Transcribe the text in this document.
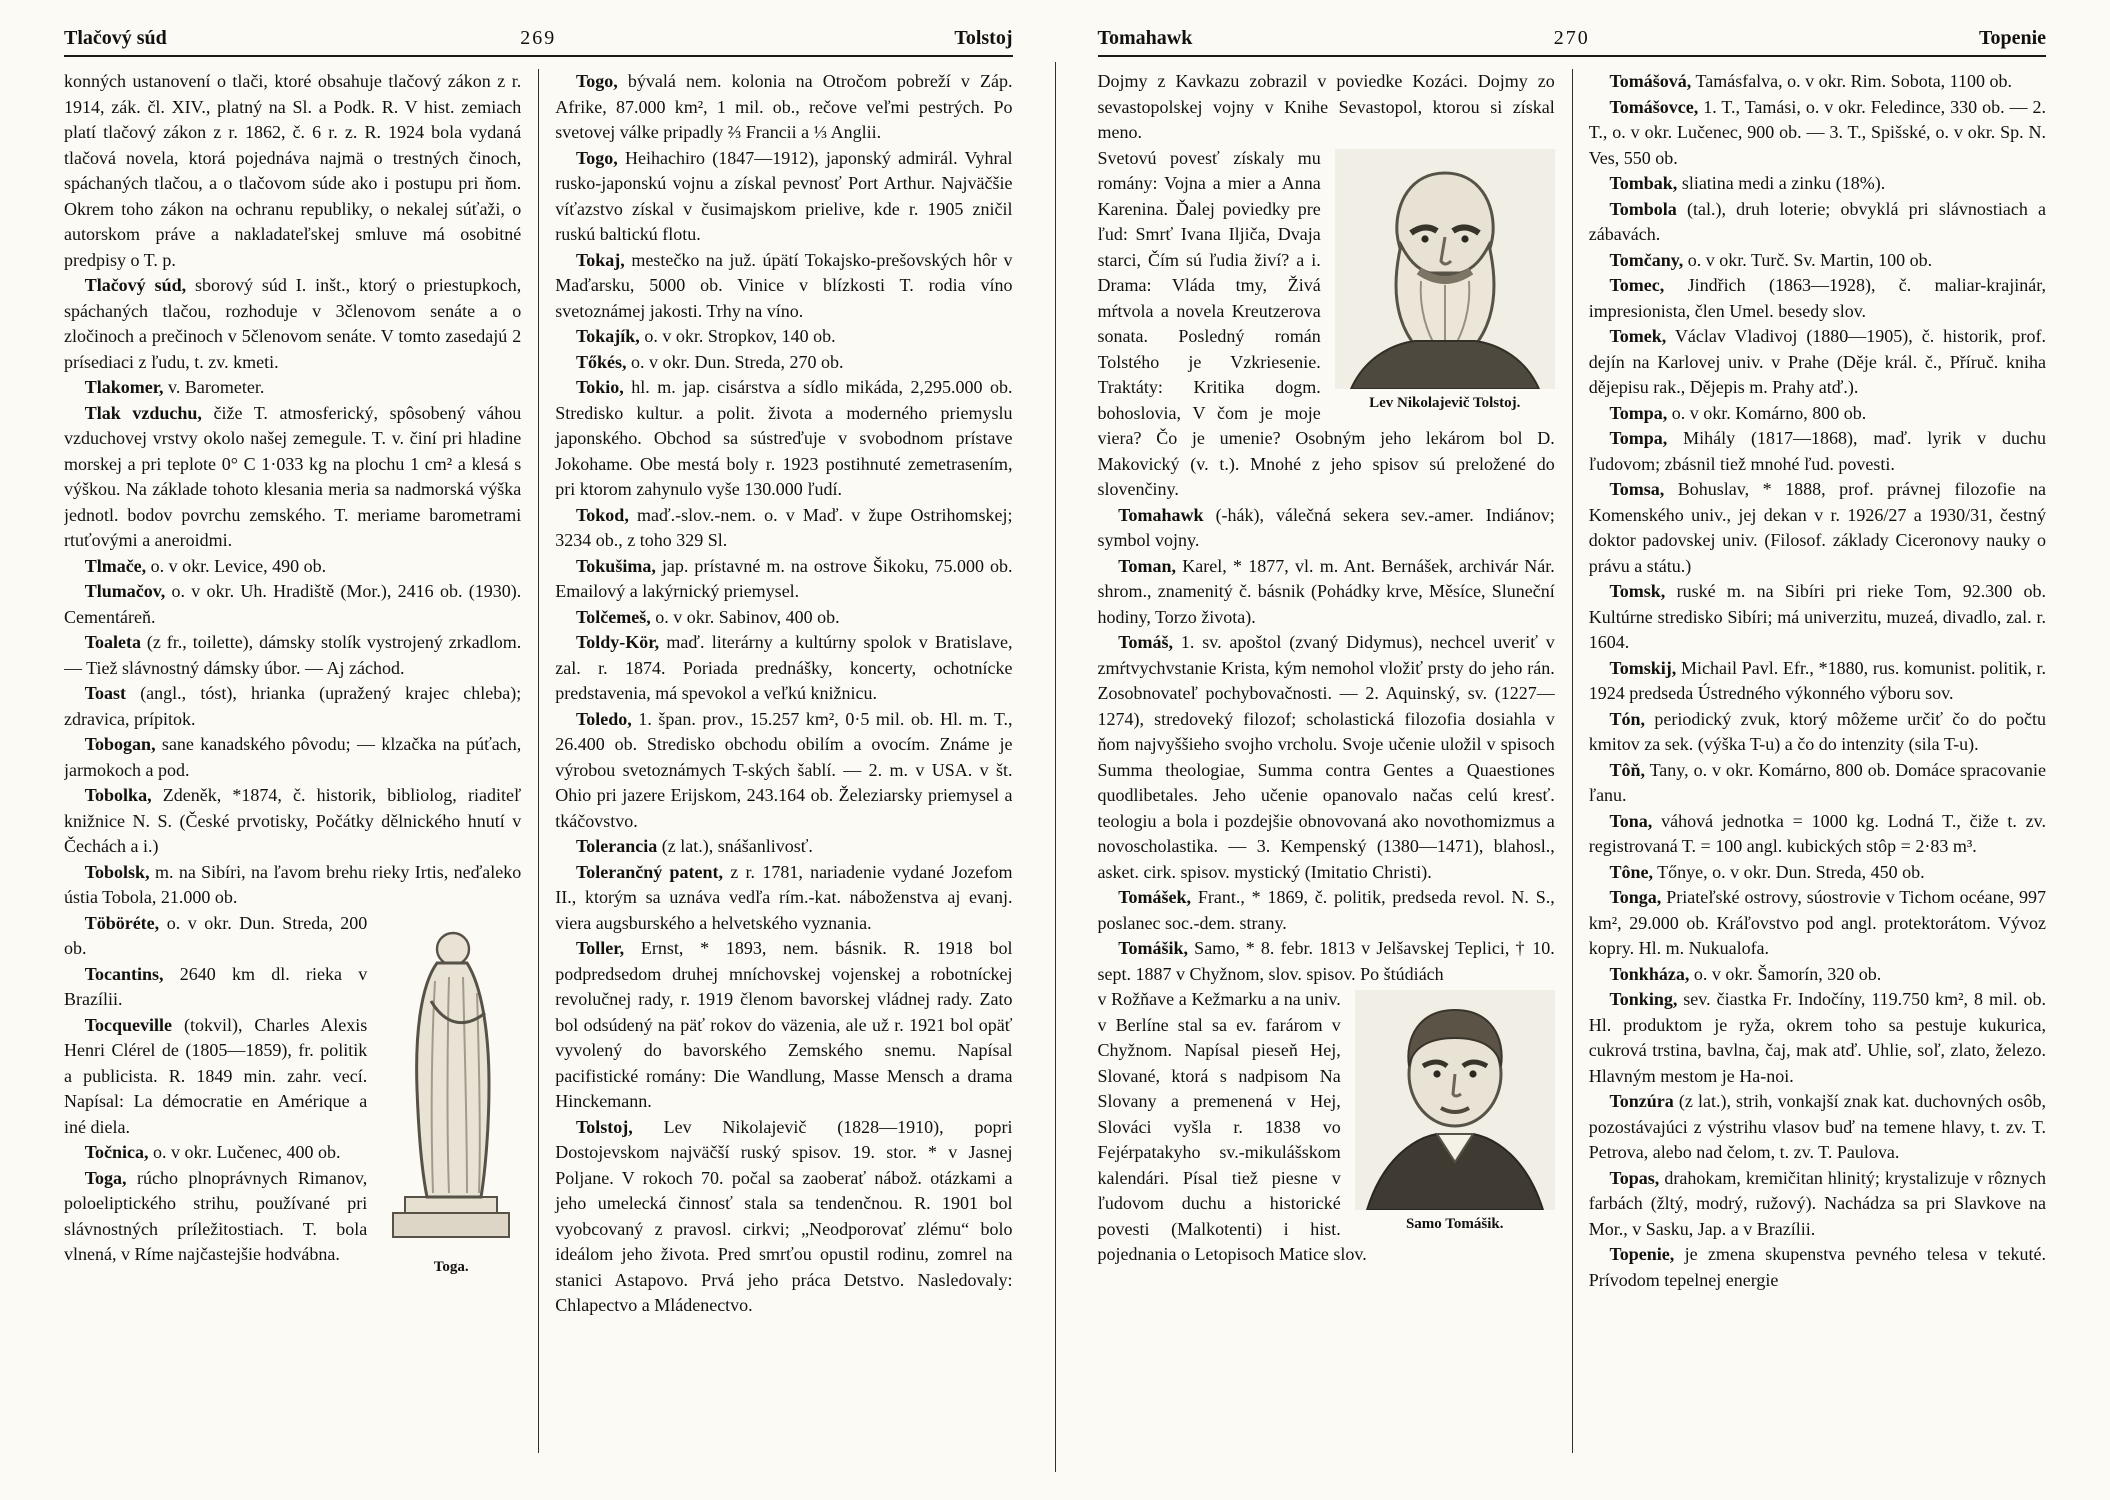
Tlačový súd	269	Tolstoj

konných ustanovení o tlači, ktoré obsahuje tlačový zákon z r. 1914, zák. čl. XIV., platný na Sl. a Podk. R. V hist. zemiach platí tlačový zákon z r. 1862, č. 6 r. z. R. 1924 bola vydaná tlačová novela, ktorá pojednáva najmä o trestných činoch, spáchaných tlačou, a o tlačovom súde ako i postupu pri ňom. Okrem toho zákon na ochranu republiky, o nekalej súťaži, o autorskom práve a nakladateľskej smluve má osobitné predpisy o T. p.

Tlačový súd, sborový súd I. inšt., ktorý o priestupkoch, spáchaných tlačou, rozhoduje v 3členovom senáte a o zločinoch a prečinoch v 5členovom senáte. V tomto zasedajú 2 prísediaci z ľudu, t. zv. kmeti.

Tlakomer, v. Barometer.

Tlak vzduchu, čiže T. atmosferický, spôsobený váhou vzduchovej vrstvy okolo našej zemegule. T. v. činí pri hladine morskej a pri teplote 0° C 1·033 kg na plochu 1 cm² a klesá s výškou. Na základe tohoto klesania meria sa nadmorská výška jednotl. bodov povrchu zemského. T. meriame barometrami rtuťovými a aneroidmi.

Tlmače, o. v okr. Levice, 490 ob.

Tlumačov, o. v okr. Uh. Hradiště (Mor.), 2416 ob. (1930). Cementáreň.

Toaleta (z fr., toilette), dámsky stolík vystrojený zrkadlom. — Tiež slávnostný dámsky úbor. — Aj záchod.

Toast (angl., tóst), hrianka (upražený krajec chleba); zdravica, prípitok.

Tobogan, sane kanadského pôvodu; — klzačka na púťach, jarmokoch a pod.

Tobolka, Zdeněk, *1874, č. historik, bibliolog, riaditeľ knižnice N. S. (České prvotisky, Počátky dělnického hnutí v Čechách a i.)

Tobolsk, m. na Sibíri, na ľavom brehu rieky Irtis, neďaleko ústia Tobola, 21.000 ob.

Toga.

Töböréte, o. v okr. Dun. Streda, 200 ob.

Tocantins, 2640 km dl. rieka v Brazílii.

Tocqueville (tokvil), Charles Alexis Henri Clérel de (1805—1859), fr. politik a publicista. R. 1849 min. zahr. vecí. Napísal: La démocratie en Amérique a iné diela.

Točnica, o. v okr. Lučenec, 400 ob.

Toga, rúcho plnoprávnych Rimanov, poloeliptického strihu, používané pri slávnostných príležitostiach. T. bola vlnená, v Ríme najčastejšie hodvábna.

Togo, bývalá nem. kolonia na Otročom pobreží v Záp. Afrike, 87.000 km², 1 mil. ob., rečove veľmi pestrých. Po svetovej válke pripadly ⅔ Francii a ⅓ Anglii.

Togo, Heihachiro (1847—1912), japonský admirál. Vyhral rusko-japonskú vojnu a získal pevnosť Port Arthur. Najväčšie víťazstvo získal v čusimajskom prielive, kde r. 1905 zničil ruskú baltickú flotu.

Tokaj, mestečko na juž. úpätí Tokajsko-prešovských hôr v Maďarsku, 5000 ob. Vinice v blízkosti T. rodia víno svetoznámej jakosti. Trhy na víno.

Tokajík, o. v okr. Stropkov, 140 ob.

Tőkés, o. v okr. Dun. Streda, 270 ob.

Tokio, hl. m. jap. cisárstva a sídlo mikáda, 2,295.000 ob. Stredisko kultur. a polit. života a moderného priemyslu japonského. Obchod sa sústreďuje v svobodnom prístave Jokohame. Obe mestá boly r. 1923 postihnuté zemetrasením, pri ktorom zahynulo vyše 130.000 ľudí.

Tokod, maď.-slov.-nem. o. v Maď. v župe Ostrihomskej; 3234 ob., z toho 329 Sl.

Tokušima, jap. prístavné m. na ostrove Šikoku, 75.000 ob. Emailový a lakýrnický priemysel.

Tolčemeš, o. v okr. Sabinov, 400 ob.

Toldy-Kör, maď. literárny a kultúrny spolok v Bratislave, zal. r. 1874. Poriada prednášky, koncerty, ochotnícke predstavenia, má spevokol a veľkú knižnicu.

Toledo, 1. špan. prov., 15.257 km², 0·5 mil. ob. Hl. m. T., 26.400 ob. Stredisko obchodu obilím a ovocím. Známe je výrobou svetoznámych T-ských šablí. — 2. m. v USA. v št. Ohio pri jazere Erijskom, 243.164 ob. Železiarsky priemysel a tkáčovstvo.

Tolerancia (z lat.), snášanlivosť.

Tolerančný patent, z r. 1781, nariadenie vydané Jozefom II., ktorým sa uznáva vedľa rím.-kat. náboženstva aj evanj. viera augsburského a helvetského vyznania.

Toller, Ernst, * 1893, nem. básnik. R. 1918 bol podpredsedom druhej mníchovskej vojenskej a robotníckej revolučnej rady, r. 1919 členom bavorskej vládnej rady. Zato bol odsúdený na päť rokov do väzenia, ale už r. 1921 bol opäť vyvolený do bavorského Zemského snemu. Napísal pacifistické romány: Die Wandlung, Masse Mensch a drama Hinckemann.

Tolstoj, Lev Nikolajevič (1828—1910), popri Dostojevskom najväčší ruský spisov. 19. stor. * v Jasnej Poljane. V rokoch 70. počal sa zaoberať nábož. otázkami a jeho umelecká činnosť stala sa tendenčnou. R. 1901 bol vyobcovaný z pravosl. cirkvi; „Neodporovať zlému“ bolo ideálom jeho života. Pred smrťou opustil rodinu, zomrel na stanici Astapovo. Prvá jeho práca Detstvo. Nasledovaly: Chlapectvo a Mládenectvo.

Tomahawk	270	Topenie

Dojmy z Kavkazu zobrazil v poviedke Kozáci. Dojmy zo sevastopolskej vojny v Knihe Sevastopol, ktorou si získal meno.

Lev Nikolajevič Tolstoj.

Svetovú povesť získaly mu romány: Vojna a mier a Anna Karenina. Ďalej poviedky pre ľud: Smrť Ivana Iljiča, Dvaja starci, Čím sú ľudia živí? a i. Drama: Vláda tmy, Živá mŕtvola a novela Kreutzerova sonata. Posledný román Tolstého je Vzkriesenie. Traktáty: Kritika dogm. bohoslovia, V čom je moje viera? Čo je umenie? Osobným jeho lekárom bol D. Makovický (v. t.). Mnohé z jeho spisov sú preložené do slovenčiny.

Tomahawk (-hák), válečná sekera sev.-amer. Indiánov; symbol vojny.

Toman, Karel, * 1877, vl. m. Ant. Bernášek, archivár Nár. shrom., znamenitý č. básnik (Pohádky krve, Měsíce, Sluneční hodiny, Torzo života).

Tomáš, 1. sv. apoštol (zvaný Didymus), nechcel uveriť v zmŕtvychvstanie Krista, kým nemohol vložiť prsty do jeho rán. Zosobnovateľ pochybovačnosti. — 2. Aquinský, sv. (1227—1274), stredoveký filozof; scholastická filozofia dosiahla v ňom najvyššieho svojho vrcholu. Svoje učenie uložil v spisoch Summa theologiae, Summa contra Gentes a Quaestiones quodlibetales. Jeho učenie opanovalo načas celú kresť. teologiu a bola i pozdejšie obnovovaná ako novothomizmus a novoscholastika. — 3. Kempenský (1380—1471), blahosl., asket. cirk. spisov. mystický (Imitatio Christi).

Tomášek, Frant., * 1869, č. politik, predseda revol. N. S., poslanec soc.-dem. strany.

Tomášik, Samo, * 8. febr. 1813 v Jelšavskej Teplici, † 10. sept. 1887 v Chyžnom, slov. spisov. Po štúdiách

Samo Tomášik.

v Rožňave a Kežmarku a na univ. v Berlíne stal sa ev. farárom v Chyžnom. Napísal pieseň Hej, Slované, ktorá s nadpisom Na Slovany a premenená v Hej, Slováci vyšla r. 1838 vo Fejérpatakyho sv.-mikulášskom kalendári. Písal tiež piesne v ľudovom duchu a historické povesti (Malkotenti) i hist. pojednania o Letopisoch Matice slov.

Tomášová, Tamásfalva, o. v okr. Rim. Sobota, 1100 ob.

Tomášovce, 1. T., Tamási, o. v okr. Feledince, 330 ob. — 2. T., o. v okr. Lučenec, 900 ob. — 3. T., Spišské, o. v okr. Sp. N. Ves, 550 ob.

Tombak, sliatina medi a zinku (18%).

Tombola (tal.), druh loterie; obvyklá pri slávnostiach a zábavách.

Tomčany, o. v okr. Turč. Sv. Martin, 100 ob.

Tomec, Jindřich (1863—1928), č. maliar-krajinár, impresionista, člen Umel. besedy slov.

Tomek, Václav Vladivoj (1880—1905), č. historik, prof. dejín na Karlovej univ. v Prahe (Děje král. č., Příruč. kniha dějepisu rak., Dějepis m. Prahy atď.).

Tompa, o. v okr. Komárno, 800 ob.

Tompa, Mihály (1817—1868), maď. lyrik v duchu ľudovom; zbásnil tiež mnohé ľud. povesti.

Tomsa, Bohuslav, * 1888, prof. právnej filozofie na Komenského univ., jej dekan v r. 1926/27 a 1930/31, čestný doktor padovskej univ. (Filosof. základy Ciceronovy nauky o právu a státu.)

Tomsk, ruské m. na Sibíri pri rieke Tom, 92.300 ob. Kultúrne stredisko Sibíri; má univerzitu, muzeá, divadlo, zal. r. 1604.

Tomskij, Michail Pavl. Efr., *1880, rus. komunist. politik, r. 1924 predseda Ústredného výkonného výboru sov.

Tón, periodický zvuk, ktorý môžeme určiť čo do počtu kmitov za sek. (výška T-u) a čo do intenzity (sila T-u).

Tôň, Tany, o. v okr. Komárno, 800 ob. Domáce spracovanie ľanu.

Tona, váhová jednotka = 1000 kg. Lodná T., čiže t. zv. registrovaná T. = 100 angl. kubických stôp = 2·83 m³.

Tône, Tőnye, o. v okr. Dun. Streda, 450 ob.

Tonga, Priateľské ostrovy, súostrovie v Tichom océane, 997 km², 29.000 ob. Kráľovstvo pod angl. protektorátom. Vývoz kopry. Hl. m. Nukualofa.

Tonkháza, o. v okr. Šamorín, 320 ob.

Tonking, sev. čiastka Fr. Indočíny, 119.750 km², 8 mil. ob. Hl. produktom je ryža, okrem toho sa pestuje kukurica, cukrová trstina, bavlna, čaj, mak atď. Uhlie, soľ, zlato, železo. Hlavným mestom je Ha-noi.

Tonzúra (z lat.), strih, vonkajší znak kat. duchovných osôb, pozostávajúci z výstrihu vlasov buď na temene hlavy, t. zv. T. Petrova, alebo nad čelom, t. zv. T. Paulova.

Topas, drahokam, kremičitan hlinitý; krystalizuje v rôznych farbách (žltý, modrý, ružový). Nachádza sa pri Slavkove na Mor., v Sasku, Jap. a v Brazílii.

Topenie, je zmena skupenstva pevného telesa v tekuté. Prívodom tepelnej energie
